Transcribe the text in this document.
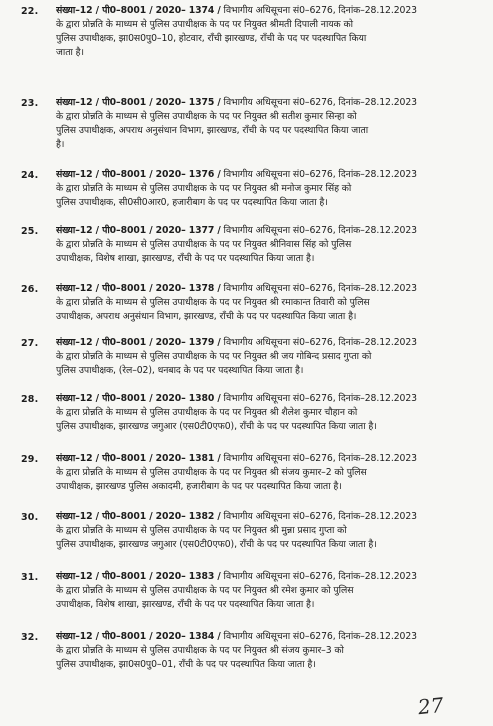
22. संख्या–12 / पी0–8001 / 2020– 1374 / विभागीय अधिसूचना सं0–6276, दिनांक–28.12.2023
के द्वारा प्रोन्नति के माध्यम से पुलिस उपाधीक्षक के पद पर नियुक्त श्रीमती दिपाली नायक को
पुलिस उपाधीक्षक, झा0स0पु0–10, होटवार, राँची झारखण्ड, राँची के पद पर पदस्थापित किया
जाता है।
23. संख्या–12 / पी0–8001 / 2020– 1375 / विभागीय अधिसूचना सं0–6276, दिनांक–28.12.2023
के द्वारा प्रोन्नति के माध्यम से पुलिस उपाधीक्षक के पद पर नियुक्त श्री सतीश कुमार सिन्हा को
पुलिस उपाधीक्षक, अपराध अनुसंधान विभाग, झारखण्ड, राँची के पद पर पदस्थापित किया जाता
है।
24. संख्या–12 / पी0–8001 / 2020– 1376 / विभागीय अधिसूचना सं0–6276, दिनांक–28.12.2023
के द्वारा प्रोन्नति के माध्यम से पुलिस उपाधीक्षक के पद पर नियुक्त श्री मनोज कुमार सिंह को
पुलिस उपाधीक्षक, सी0सी0आर0, हजारीबाग के पद पर पदस्थापित किया जाता है।
25. संख्या–12 / पी0–8001 / 2020– 1377 / विभागीय अधिसूचना सं0–6276, दिनांक–28.12.2023
के द्वारा प्रोन्नति के माध्यम से पुलिस उपाधीक्षक के पद पर नियुक्त श्रीनिवास सिंह को पुलिस
उपाधीक्षक, विशेष शाखा, झारखण्ड, राँची के पद पर पदस्थापित किया जाता है।
26. संख्या–12 / पी0–8001 / 2020– 1378 / विभागीय अधिसूचना सं0–6276, दिनांक–28.12.2023
के द्वारा प्रोन्नति के माध्यम से पुलिस उपाधीक्षक के पद पर नियुक्त श्री रमाकान्त तिवारी को पुलिस
उपाधीक्षक, अपराध अनुसंधान विभाग, झारखण्ड, राँची के पद पर पदस्थापित किया जाता है।
27. संख्या–12 / पी0–8001 / 2020– 1379 / विभागीय अधिसूचना सं0–6276, दिनांक–28.12.2023
के द्वारा प्रोन्नति के माध्यम से पुलिस उपाधीक्षक के पद पर नियुक्त श्री जय गोबिन्द प्रसाद गुप्ता को
पुलिस उपाधीक्षक, (रेल–02), धनबाद के पद पर पदस्थापित किया जाता है।
28. संख्या–12 / पी0–8001 / 2020– 1380 / विभागीय अधिसूचना सं0–6276, दिनांक–28.12.2023
के द्वारा प्रोन्नति के माध्यम से पुलिस उपाधीक्षक के पद पर नियुक्त श्री शैलेश कुमार चौहान को
पुलिस उपाधीक्षक, झारखण्ड जगुआर (एस0टी0एफ0), राँची के पद पर पदस्थापित किया जाता है।
29. संख्या–12 / पी0–8001 / 2020– 1381 / विभागीय अधिसूचना सं0–6276, दिनांक–28.12.2023
के द्वारा प्रोन्नति के माध्यम से पुलिस उपाधीक्षक के पद पर नियुक्त श्री संजय कुमार–2 को पुलिस
उपाधीक्षक, झारखण्ड पुलिस अकादमी, हजारीबाग के पद पर पदस्थापित किया जाता है।
30. संख्या–12 / पी0–8001 / 2020– 1382 / विभागीय अधिसूचना सं0–6276, दिनांक–28.12.2023
के द्वारा प्रोन्नति के माध्यम से पुलिस उपाधीक्षक के पद पर नियुक्त श्री मुन्ना प्रसाद गुप्ता को
पुलिस उपाधीक्षक, झारखण्ड जगुआर (एस0टी0एफ0), राँची के पद पर पदस्थापित किया जाता है।
31. संख्या–12 / पी0–8001 / 2020– 1383 / विभागीय अधिसूचना सं0–6276, दिनांक–28.12.2023
के द्वारा प्रोन्नति के माध्यम से पुलिस उपाधीक्षक के पद पर नियुक्त श्री रमेश कुमार को पुलिस
उपाधीक्षक, विशेष शाखा, झारखण्ड, राँची के पद पर पदस्थापित किया जाता है।
32. संख्या–12 / पी0–8001 / 2020– 1384 / विभागीय अधिसूचना सं0–6276, दिनांक–28.12.2023
के द्वारा प्रोन्नति के माध्यम से पुलिस उपाधीक्षक के पद पर नियुक्त श्री संजय कुमार–3 को
पुलिस उपाधीक्षक, झा0स0पु0–01, राँची के पद पर पदस्थापित किया जाता है।
27
